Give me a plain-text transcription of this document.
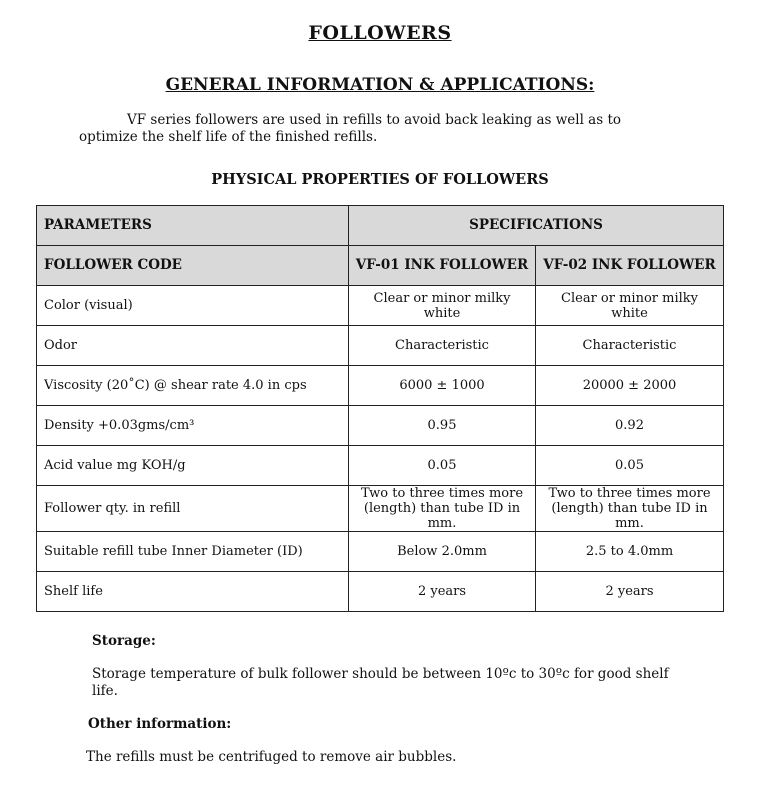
FOLLOWERS
GENERAL INFORMATION & APPLICATIONS:
VF series followers are used in refills to avoid back leaking as well as to
optimize the shelf life of the finished refills.
PHYSICAL PROPERTIES OF FOLLOWERS
PARAMETERS	SPECIFICATIONS	
FOLLOWER CODE	VF-01 INK FOLLOWER	VF-02 INK FOLLOWER
Color (visual)	Clear or minor milky white	Clear or minor milky white
Odor	Characteristic	Characteristic
Viscosity (20˚C) @ shear rate 4.0 in cps	6000 ± 1000	20000 ± 2000
Density +0.03gms/cm³	0.95	0.92
Acid value mg KOH/g	0.05	0.05
Follower qty. in refill	Two to three times more (length) than tube ID in mm.	Two to three times more (length) than tube ID in mm.
Suitable refill tube Inner Diameter (ID)	Below 2.0mm	2.5 to 4.0mm
Shelf life	2 years	2 years
Storage:
Storage temperature of bulk follower should be between 10ºc to 30ºc for good shelf life.
Other information:
The refills must be centrifuged to remove air bubbles.
